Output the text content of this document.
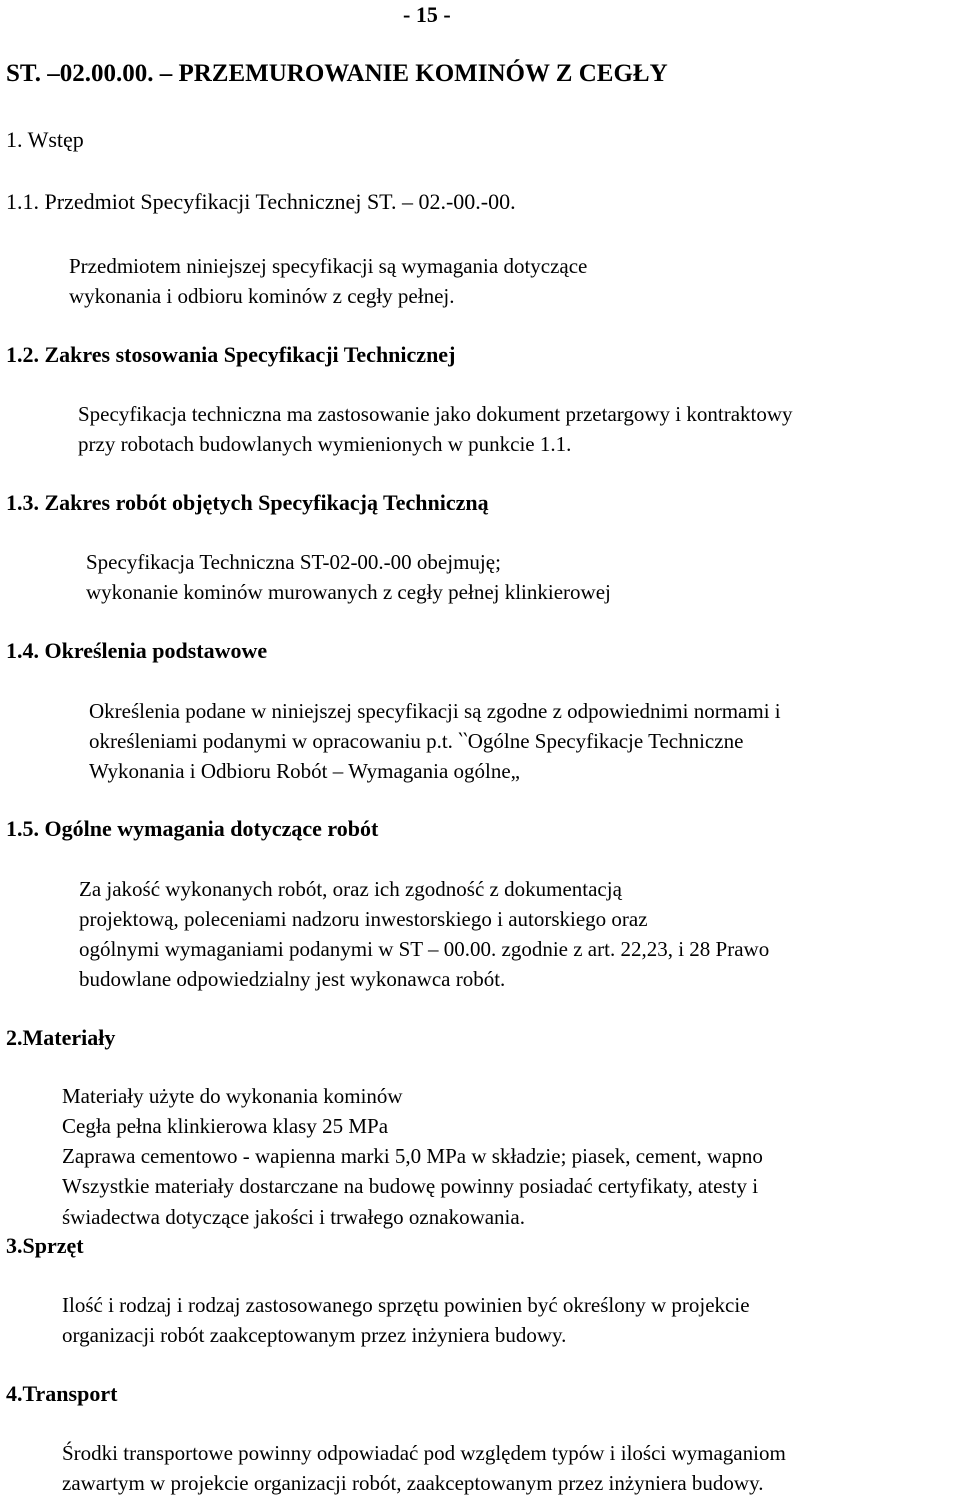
- 15 -
ST. –02.00.00. – PRZEMUROWANIE KOMINÓW Z CEGŁY
1. Wstęp
1.1. Przedmiot Specyfikacji Technicznej ST. – 02.-00.-00.
Przedmiotem niniejszej specyfikacji są wymagania dotyczące
wykonania i odbioru kominów z cegły pełnej.
1.2. Zakres stosowania Specyfikacji Technicznej
Specyfikacja techniczna ma zastosowanie jako dokument przetargowy i kontraktowy
przy robotach budowlanych wymienionych w punkcie 1.1.
1.3. Zakres robót objętych Specyfikacją Techniczną
Specyfikacja Techniczna ST-02-00.-00 obejmuję;
wykonanie kominów murowanych z cegły pełnej klinkierowej
1.4. Określenia podstawowe
Określenia podane w niniejszej specyfikacji są zgodne z odpowiednimi normami i
określeniami podanymi w opracowaniu p.t. ‵‵Ogólne Specyfikacje Techniczne
Wykonania i Odbioru Robót – Wymagania ogólne„
1.5. Ogólne wymagania dotyczące robót
Za jakość wykonanych robót, oraz ich zgodność z dokumentacją
projektową, poleceniami nadzoru inwestorskiego i autorskiego oraz
ogólnymi wymaganiami podanymi w ST – 00.00. zgodnie z art. 22,23, i 28 Prawo
budowlane odpowiedzialny jest wykonawca robót.
2.Materiały
Materiały użyte do wykonania kominów
Cegła pełna klinkierowa klasy 25 MPa
Zaprawa cementowo - wapienna marki 5,0 MPa w składzie; piasek, cement, wapno
Wszystkie materiały dostarczane na budowę powinny posiadać certyfikaty, atesty i
świadectwa dotyczące jakości i trwałego oznakowania.
3.Sprzęt
Ilość i rodzaj i rodzaj zastosowanego sprzętu powinien być określony w projekcie
organizacji robót zaakceptowanym przez inżyniera budowy.
4.Transport
Środki transportowe powinny odpowiadać pod względem typów i ilości wymaganiom
zawartym w projekcie organizacji robót, zaakceptowanym przez inżyniera budowy.
